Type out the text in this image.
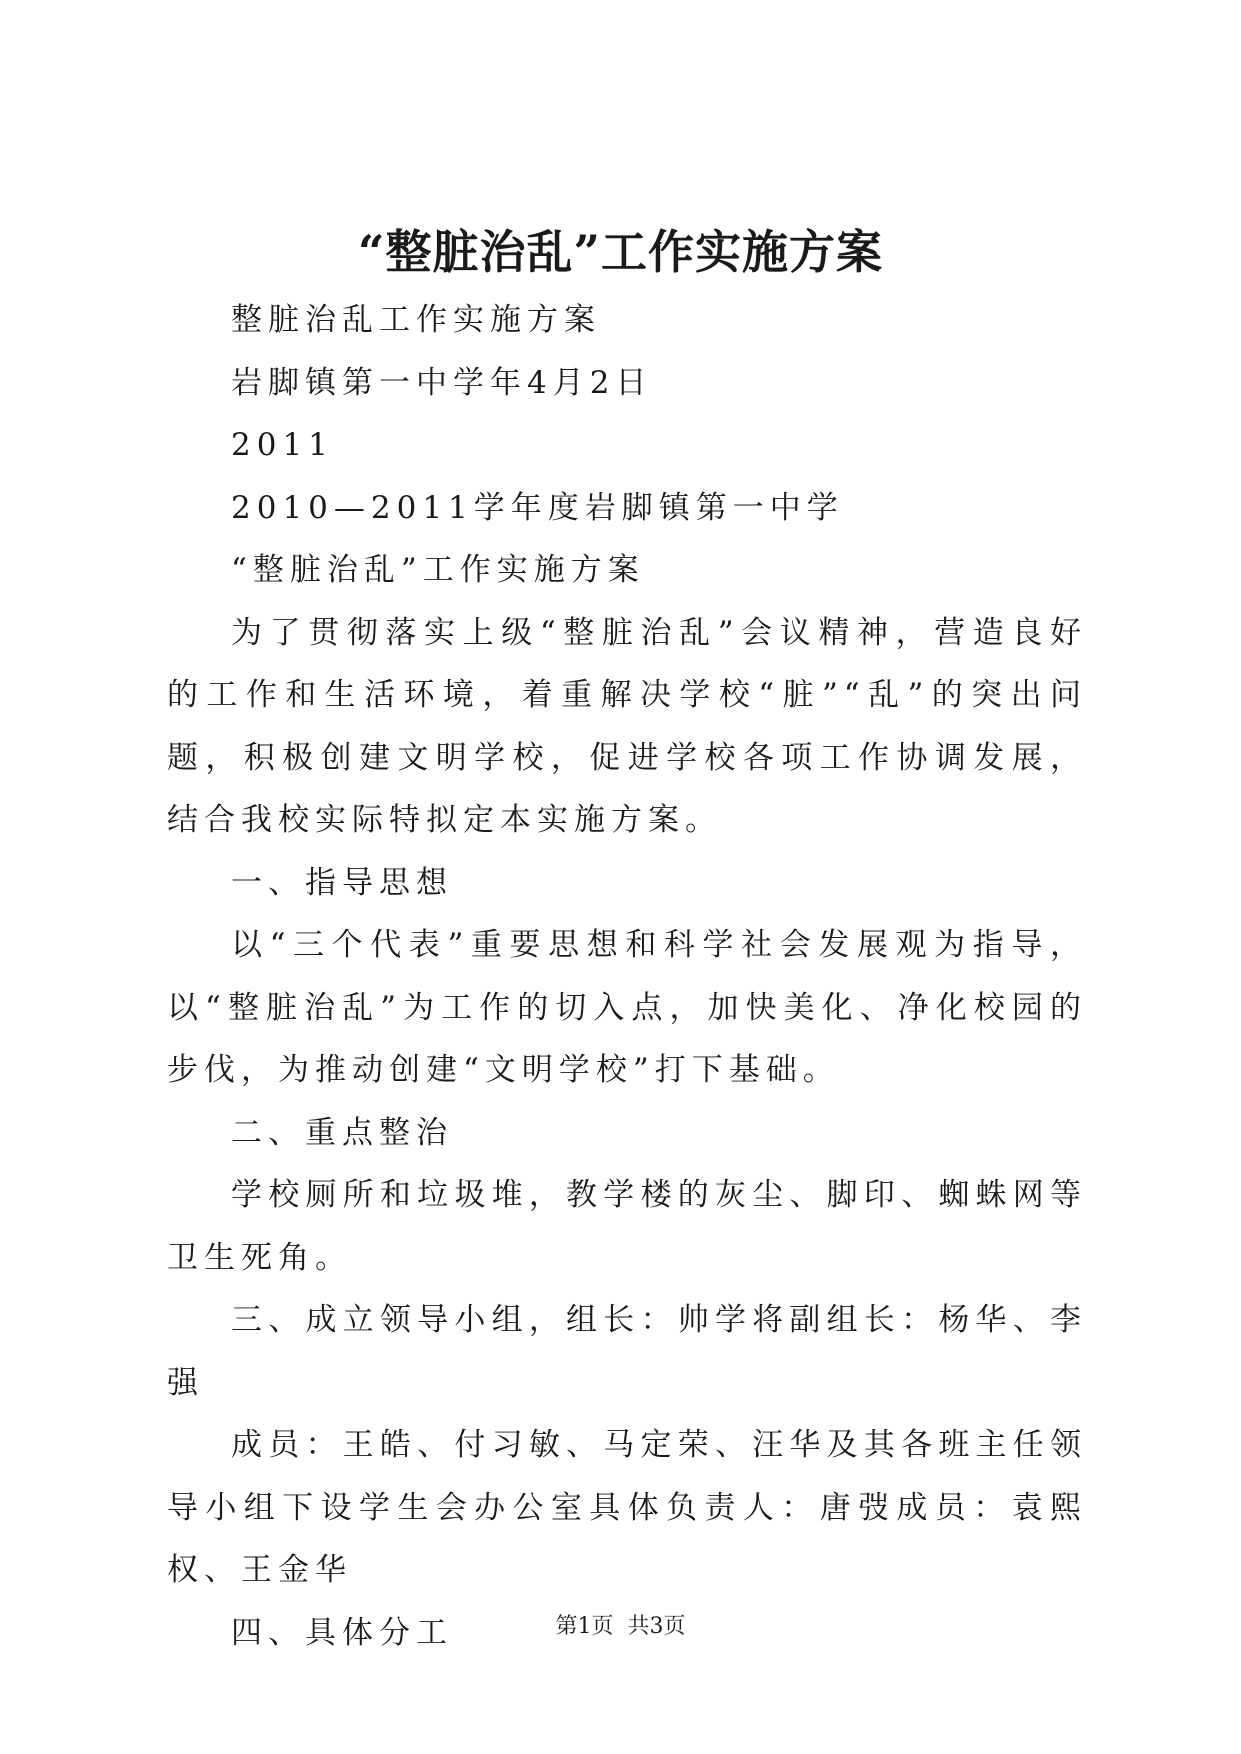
“整脏治乱”工作实施方案

整脏治乱工作实施方案

岩脚镇第一中学年4月2日

2011

2010—2011学年度岩脚镇第一中学

“整脏治乱”工作实施方案

为了贯彻落实上级“整脏治乱”会议精神，营造良好的工作和生活环境，着重解决学校“脏”“乱”的突出问题，积极创建文明学校，促进学校各项工作协调发展，结合我校实际特拟定本实施方案。

一、指导思想

以“三个代表”重要思想和科学社会发展观为指导，以“整脏治乱”为工作的切入点，加快美化、净化校园的步伐，为推动创建“文明学校”打下基础。

二、重点整治

学校厕所和垃圾堆，教学楼的灰尘、脚印、蜘蛛网等卫生死角。

三、成立领导小组，组长：帅学将副组长：杨华、李强

成员：王皓、付习敏、马定荣、汪华及其各班主任领导小组下设学生会办公室具体负责人：唐弢成员：袁熙权、王金华

四、具体分工	第1页 共3页
